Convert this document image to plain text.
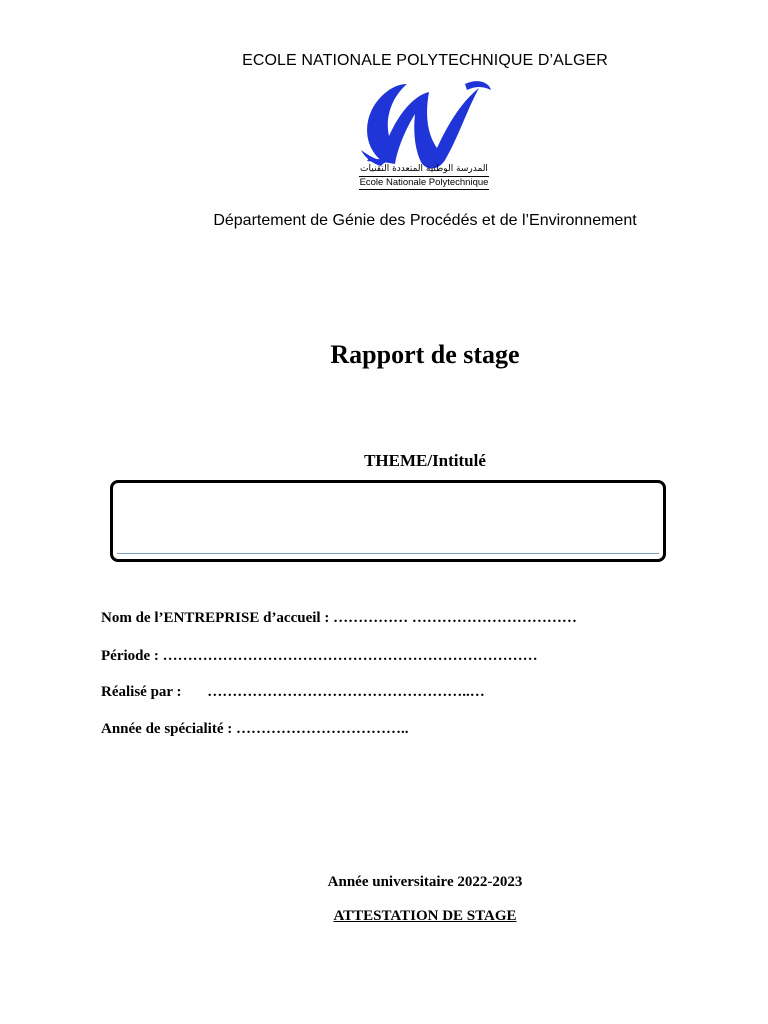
ECOLE NATIONALE POLYTECHNIQUE D’ALGER
المدرسة الوطنية المتعددة التقنيات
Ecole Nationale Polytechnique
Département de Génie des Procédés et de l’Environnement
Rapport de stage
THEME/Intitulé
Nom de l’ENTREPRISE d’accueil : …………… ……………………………
Période : …………………………………………………………………
Réalisé par : ……………………………………………..…
Année de spécialité : ……………………………..
Année universitaire 2022-2023
ATTESTATION DE STAGE
